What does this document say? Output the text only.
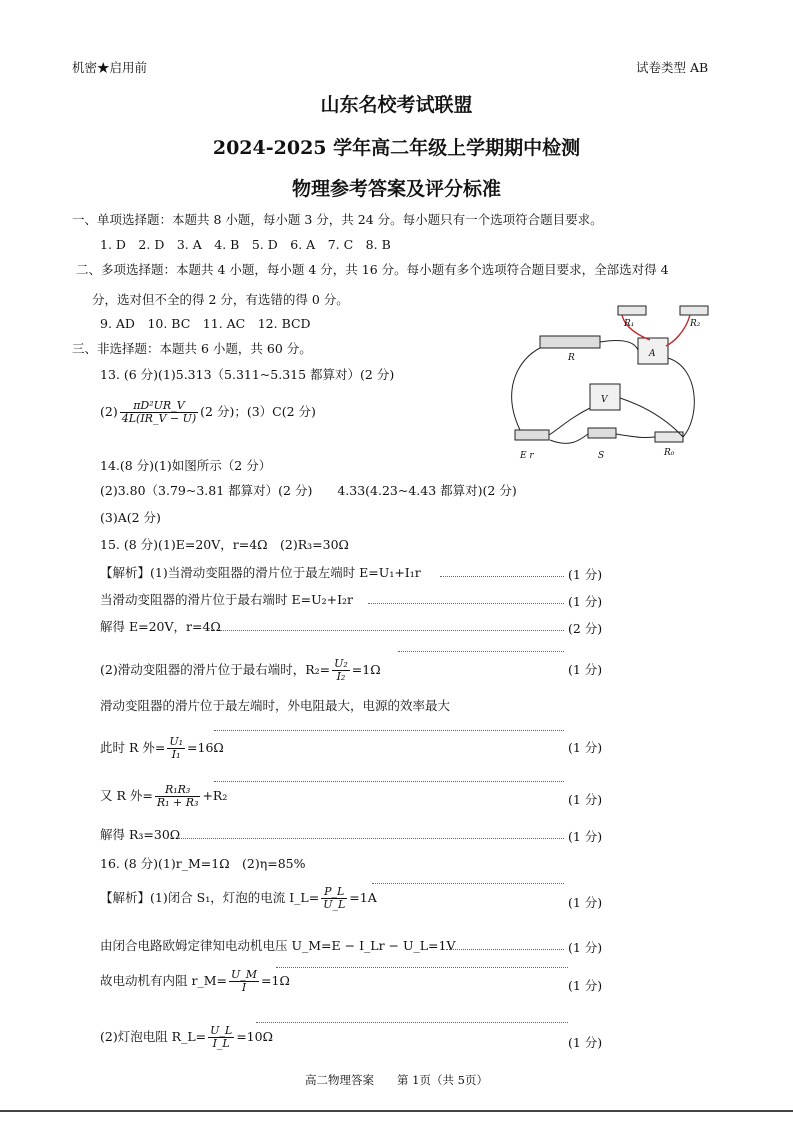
机密★启用前	试卷类型 AB
山东名校考试联盟
2024-2025 学年高二年级上学期期中检测
物理参考答案及评分标准
一、单项选择题：本题共 8 小题，每小题 3 分，共 24 分。每小题只有一个选项符合题目要求。
1. D　2. D　3. A　4. B　5. D　6. A　7. C　8. B
二、多项选择题：本题共 4 小题，每小题 4 分，共 16 分。每小题有多个选项符合题目要求，全部选对得 4
分，选对但不全的得 2 分，有选错的得 0 分。
9. AD　10. BC　11. AC　12. BCD
三、非选择题：本题共 6 小题，共 60 分。
13. (6 分)(1)5.313（5.311~5.315 都算对）(2 分)
$(2) \frac{\text{πD²UR\_V}}{4L(IR\_V - U)} (2$ 分)；(3）C(2 分)
R₁	R₂
R	A
V
E r	S	R₀
14.(8 分)(1)如图所示（2 分）
(2)3.80（3.79~3.81 都算对）(2 分)　　4.33(4.23~4.43 都算对)(2 分)
(3)A(2 分)
15. (8 分)(1)E=20V，r=4Ω　(2)R₃=30Ω
【解析】(1)当滑动变阻器的滑片位于最左端时 E=U₁+I₁r	(1 分)
当滑动变阻器的滑片位于最右端时 E=U₂+I₂r	(1 分)
解得 E=20V，r=4Ω	(2 分)
(2)滑动变阻器的滑片位于最右端时，$R_2= \frac{\text{U₂}}{\text{I₂}} =1\Omega$	(1 分)
滑动变阻器的滑片位于最左端时，外电阻最大，电源的效率最大
此时 R 外= $\frac{\text{U₁}}{\text{I₁}} =16\Omega$	(1 分)
又 R 外= $\frac{\text{R₁R₃}}{\text{R₁ + R₃}} +R_2$	(1 分)
解得 R₃=30Ω	(1 分)
16. (8 分)(1)r_M=1Ω　(2)η=85%
【解析】(1)闭合 S₁，灯泡的电流 I_L= $\frac{P\_L}{U\_L} =1A$	(1 分)
由闭合电路欧姆定律知电动机电压 U_M=E − I_Lr − U_L=1V	(1 分)
故电动机有内阻 r_M= $\frac{U\_M}{I} =1\Omega$	(1 分)
(2)灯泡电阻 R_L= $\frac{U\_L}{I\_L} =10\Omega$	(1 分)
高二物理答案　　第 1页（共 5页）
